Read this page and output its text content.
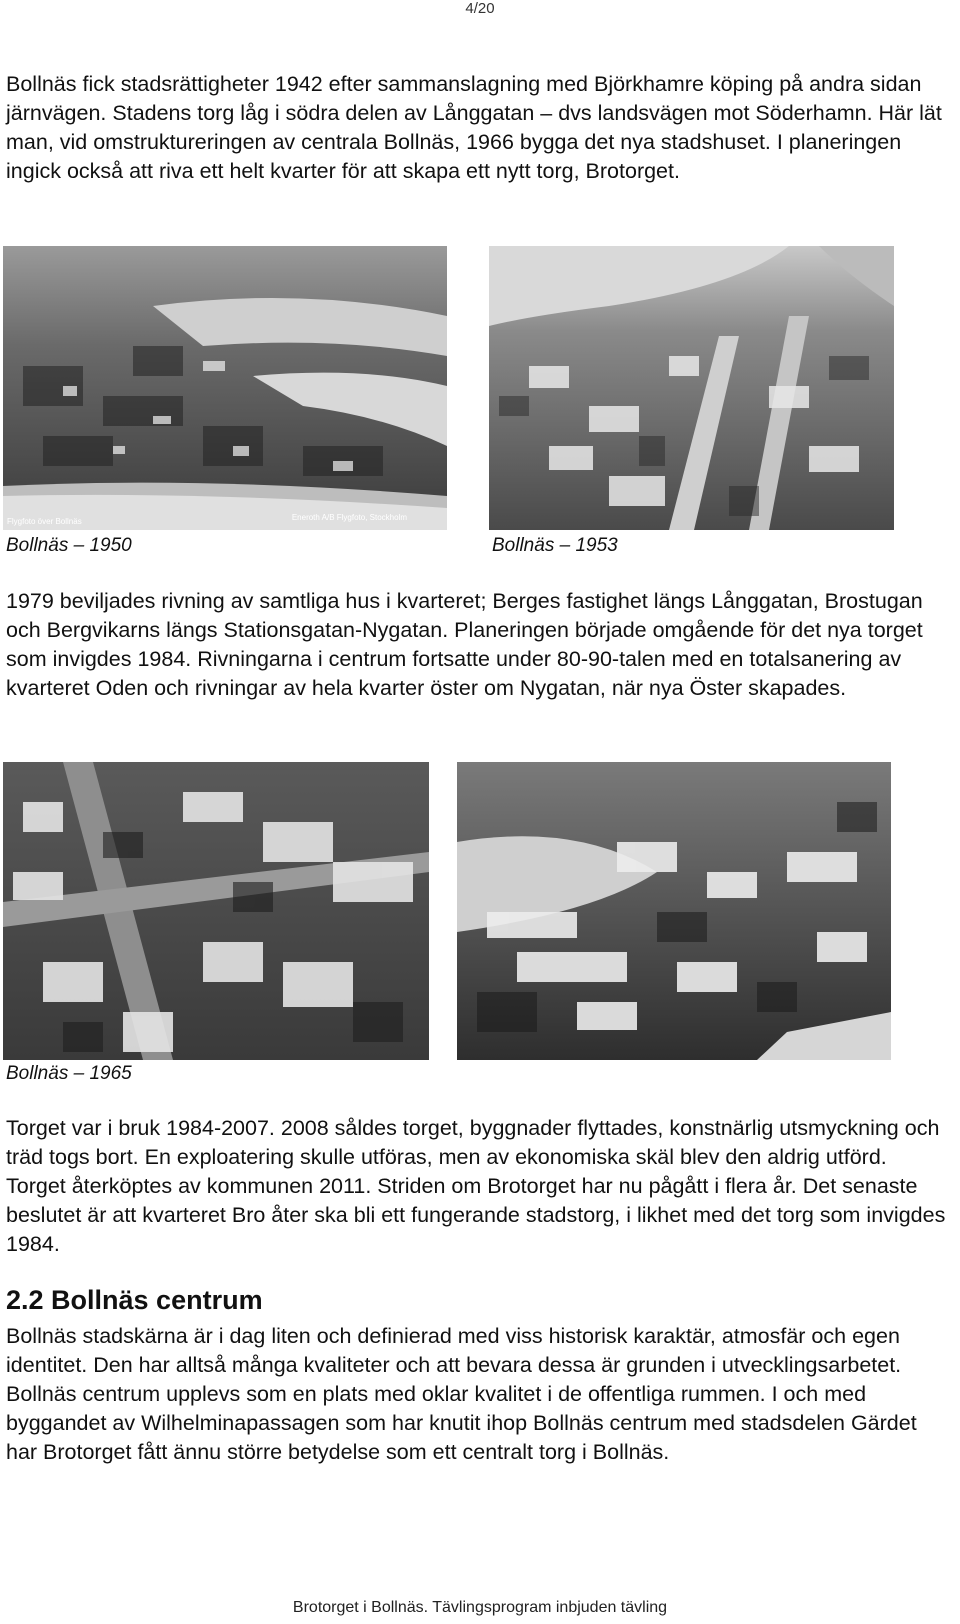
4/20

Bollnäs fick stadsrättigheter 1942 efter sammanslagning med Björkhamre köping på andra sidan järnvägen. Stadens torg låg i södra delen av Långgatan – dvs landsvägen mot Söderhamn. Här lät man, vid omstruktureringen av centrala Bollnäs, 1966 bygga det nya stadshuset. I planeringen ingick också att riva ett helt kvarter för att skapa ett nytt torg, Brotorget.

Flygfoto över Bollnäs	Eneroth A/B Flygfoto, Stockholm
Bollnäs – 1950	Bollnäs – 1953

1979 beviljades rivning av samtliga hus i kvarteret; Berges fastighet längs Långgatan, Brostugan och Bergvikarns längs Stationsgatan-Nygatan. Planeringen började omgående för det nya torget som invigdes 1984. Rivningarna i centrum fortsatte under 80-90-talen med en totalsanering av kvarteret Oden och rivningar av hela kvarter öster om Nygatan, när nya Öster skapades.

Bollnäs – 1965

Torget var i bruk 1984-2007. 2008 såldes torget, byggnader flyttades, konstnärlig utsmyckning och träd togs bort. En exploatering skulle utföras, men av ekonomiska skäl blev den aldrig utförd. Torget återköptes av kommunen 2011. Striden om Brotorget har nu pågått i flera år. Det senaste beslutet är att kvarteret Bro åter ska bli ett fungerande stadstorg, i likhet med det torg som invigdes 1984.

2.2 Bollnäs centrum

Bollnäs stadskärna är i dag liten och definierad med viss historisk karaktär, atmosfär och egen identitet. Den har alltså många kvaliteter och att bevara dessa är grunden i utvecklingsarbetet. Bollnäs centrum upplevs som en plats med oklar kvalitet i de offentliga rummen. I och med byggandet av Wilhelminapassagen som har knutit ihop Bollnäs centrum med stadsdelen Gärdet har Brotorget fått ännu större betydelse som ett centralt torg i Bollnäs.

Brotorget i Bollnäs. Tävlingsprogram inbjuden tävling
